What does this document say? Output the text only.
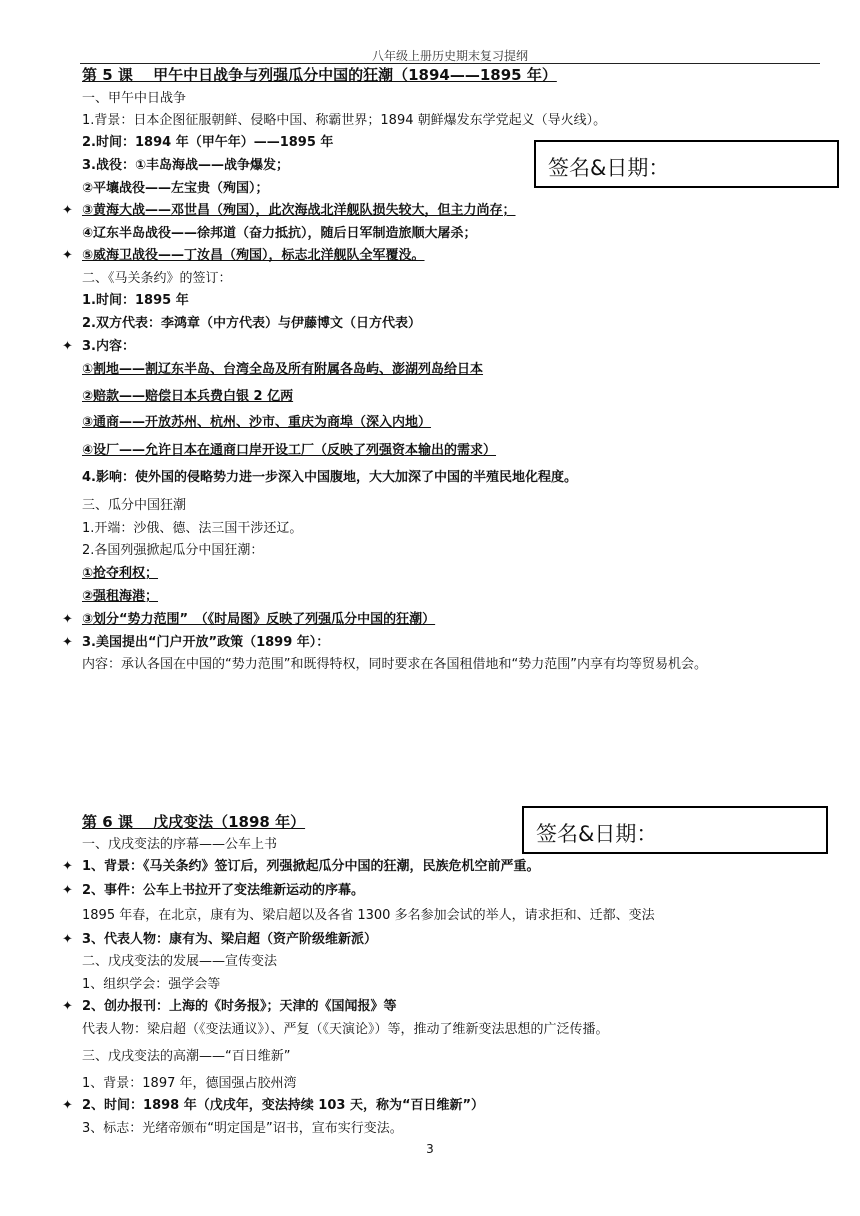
八年级上册历史期末复习提纲
第 5 课　 甲午中日战争与列强瓜分中国的狂潮（1894——1895 年）
一、甲午中日战争
1.背景：日本企图征服朝鲜、侵略中国、称霸世界；1894 朝鲜爆发东学党起义（导火线）。
2.时间：1894 年（甲午年）——1895 年
3.战役：①丰岛海战——战争爆发；
②平壤战役——左宝贵（殉国）；
✦ ③黄海大战——邓世昌（殉国），此次海战北洋舰队损失较大，但主力尚存；
④辽东半岛战役——徐邦道（奋力抵抗），随后日军制造旅顺大屠杀；
✦ ⑤威海卫战役——丁汝昌（殉国），标志北洋舰队全军覆没。
二、《马关条约》的签订：
1.时间：1895 年
2.双方代表：李鸿章（中方代表）与伊藤博文（日方代表）
✦ 3.内容：
①割地——割辽东半岛、台湾全岛及所有附属各岛屿、澎湖列岛给日本
②赔款——赔偿日本兵费白银 2 亿两
③通商——开放苏州、杭州、沙市、重庆为商埠（深入内地）
④设厂——允许日本在通商口岸开设工厂（反映了列强资本输出的需求）
4.影响：使外国的侵略势力进一步深入中国腹地，大大加深了中国的半殖民地化程度。
三、瓜分中国狂潮
1.开端：沙俄、德、法三国干涉还辽。
2.各国列强掀起瓜分中国狂潮：
①抢夺利权；
②强租海港；
✦ ③划分“势力范围”　（《时局图》反映了列强瓜分中国的狂潮）
✦ 3.美国提出“门户开放”政策（1899 年）：
内容：承认各国在中国的“势力范围”和既得特权，同时要求在各国租借地和“势力范围”内享有均等贸易机会。
签名&日期：
第 6 课　 戊戌变法（1898 年）
一、戊戌变法的序幕——公车上书
✦ 1、背景：《马关条约》签订后，列强掀起瓜分中国的狂潮，民族危机空前严重。
✦ 2、事件：公车上书拉开了变法维新运动的序幕。
1895 年春，在北京，康有为、梁启超以及各省 1300 多名参加会试的举人，请求拒和、迁都、变法
✦ 3、代表人物：康有为、梁启超（资产阶级维新派）
二、戊戌变法的发展——宣传变法
1、组织学会：强学会等
✦ 2、创办报刊：上海的《时务报》；天津的《国闻报》等
代表人物：梁启超（《变法通议》）、严复（《天演论》）等，推动了维新变法思想的广泛传播。
三、戊戌变法的高潮——“百日维新”
1、背景：1897 年，德国强占胶州湾
✦ 2、时间：1898 年（戊戌年，变法持续 103 天，称为“百日维新”）
3、标志：光绪帝颁布“明定国是”诏书，宣布实行变法。
签名&日期：
3
